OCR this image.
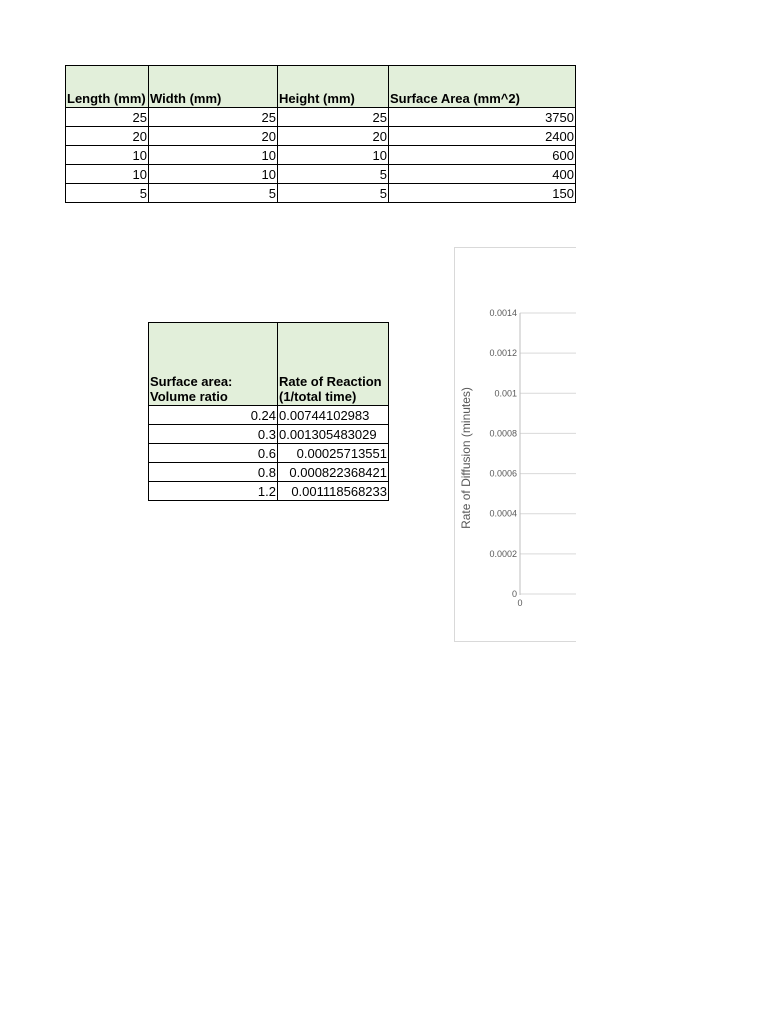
Length (mm)	Width (mm)	Height (mm)	Surface Area (mm^2)
25	25	25	3750
20	20	20	2400
10	10	10	600
10	10	5	400
5	5	5	150
Surface area: Volume ratio	Rate of Reaction (1/total time)
0.24	0.00744102983
0.3	0.001305483029
0.6	0.00025713551
0.8	0.000822368421
1.2	0.001118568233
0
0.0002
0.0004
0.0006
0.0008
0.001
0.0012
0.0014
0
Rate of Diffusion (minutes)
